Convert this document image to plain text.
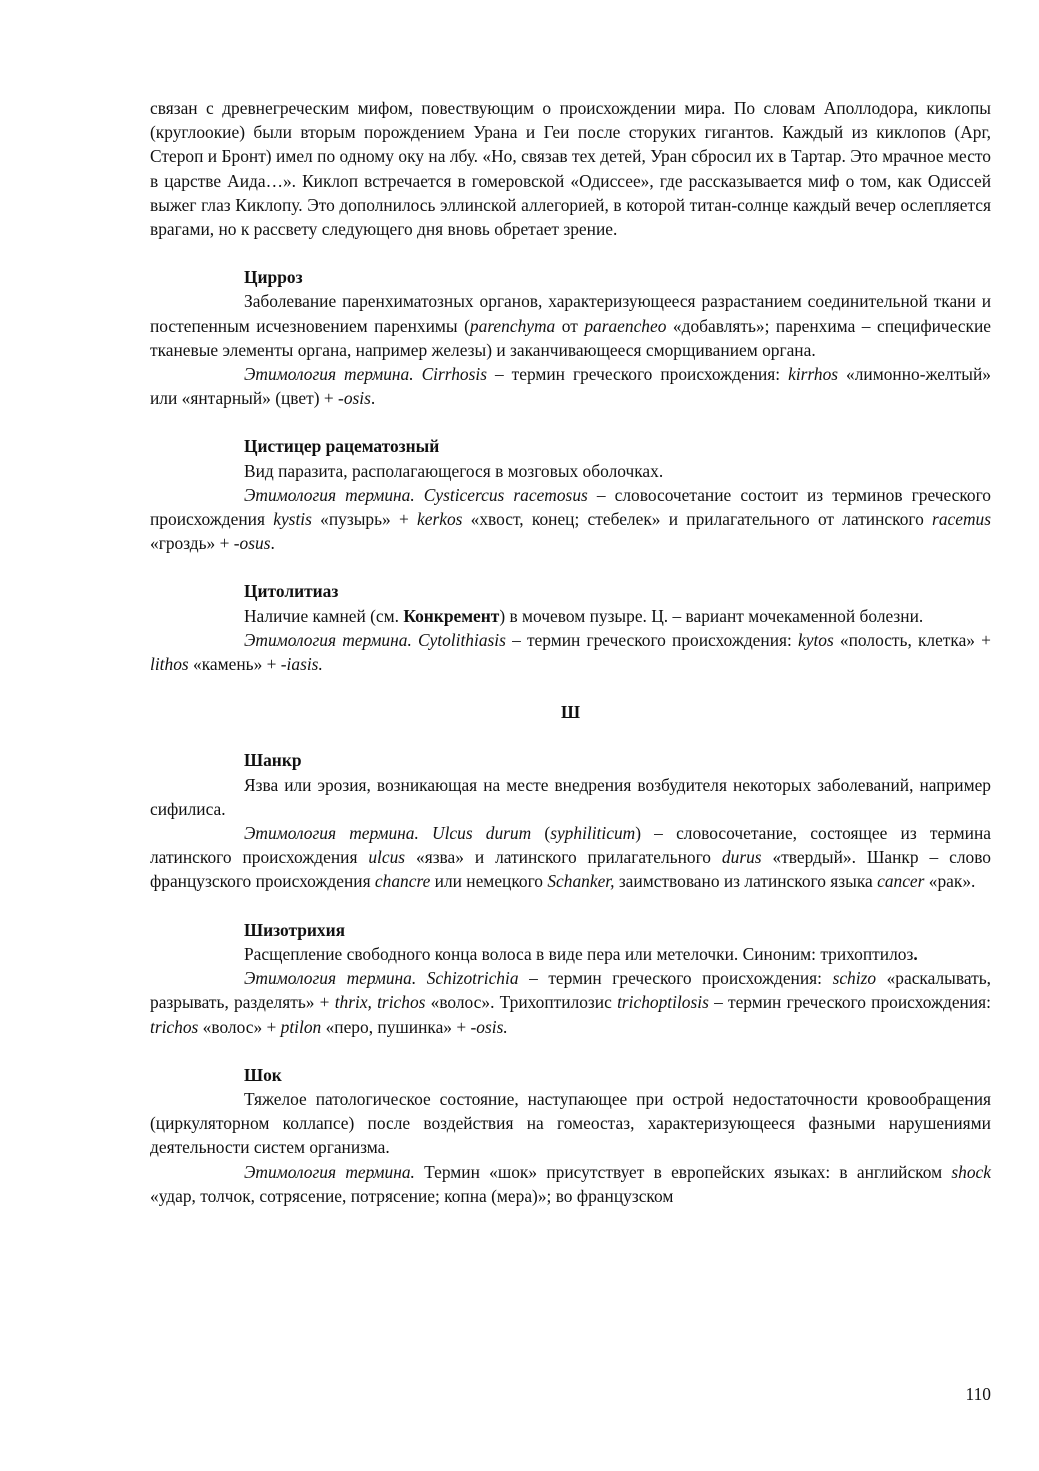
связан с древнегреческим мифом, повествующим о происхождении мира. По словам Аполлодора, киклопы (круглоокие) были вторым порождением Урана и Геи после сторуких гигантов. Каждый из киклопов (Арг, Стероп и Бронт) имел по одному оку на лбу. «Но, связав тех детей, Уран сбросил их в Тартар. Это мрачное место в царстве Аида…». Киклоп встречается в гомеровской «Одиссее», где рассказывается миф о том, как Одиссей выжег глаз Киклопу. Это дополнилось эллинской аллегорией, в которой титан-солнце каждый вечер ослепляется врагами, но к рассвету следующего дня вновь обретает зрение.

Цирроз

Заболевание паренхиматозных органов, характеризующееся разрастанием соединительной ткани и постепенным исчезновением паренхимы (parenchyma от paraencheo «добавлять»; паренхима – специфические тканевые элементы органа, например железы) и заканчивающееся сморщиванием органа.

Этимология термина. Cirrhosis – термин греческого происхождения: kirrhos «лимонно-желтый» или «янтарный» (цвет) + -osis.

Цистицер рацематозный

Вид паразита, располагающегося в мозговых оболочках.

Этимология термина. Cysticercus racemosus – словосочетание состоит из терминов греческого происхождения kystis «пузырь» + kerkos «хвост, конец; стебелек» и прилагательного от латинского racemus «гроздь» + -osus.

Цитолитиаз

Наличие камней (см. Конкремент) в мочевом пузыре. Ц. – вариант мочекаменной болезни.

Этимология термина. Cytolithiasis – термин греческого происхождения: kytos «полость, клетка» + lithos «камень» + -iasis.

Ш

Шанкр

Язва или эрозия, возникающая на месте внедрения возбудителя некоторых заболеваний, например сифилиса.

Этимология термина. Ulcus durum (syphiliticum) – словосочетание, состоящее из термина латинского происхождения ulcus «язва» и латинского прилагательного durus «твердый». Шанкр – слово французского происхождения chancre или немецкого Schanker, заимствовано из латинского языка cancer «рак».

Шизотрихия

Расщепление свободного конца волоса в виде пера или метелочки. Синоним: трихоптилоз.

Этимология термина. Schizotrichia – термин греческого происхождения: schizo «раскалывать, разрывать, разделять» + thrix, trichos «волос». Трихоптилозис trichoptilosis – термин греческого происхождения: trichos «волос» + ptilon «перо, пушинка» + -osis.

Шок

Тяжелое патологическое состояние, наступающее при острой недостаточности кровообращения (циркуляторном коллапсе) после воздействия на гомеостаз, характеризующееся фазными нарушениями деятельности систем организма.

Этимология термина. Термин «шок» присутствует в европейских языках: в английском shock «удар, толчок, сотрясение, потрясение; копна (мера)»; во французском

110
